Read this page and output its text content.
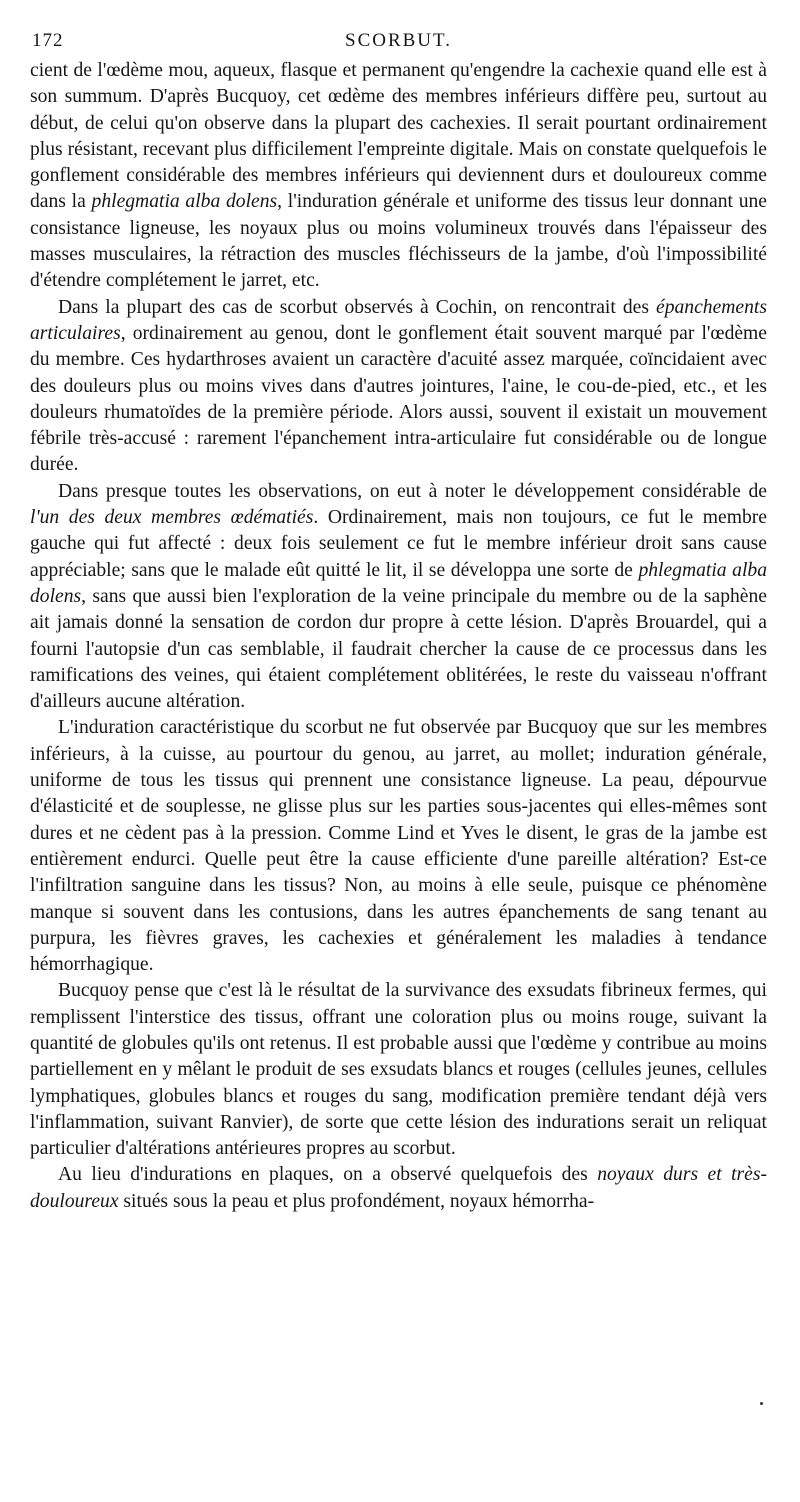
172	SCORBUT.

cient de l'œdème mou, aqueux, flasque et permanent qu'engendre la cachexie quand elle est à son summum. D'après Bucquoy, cet œdème des membres inférieurs diffère peu, surtout au début, de celui qu'on observe dans la plupart des cachexies. Il serait pourtant ordinairement plus résistant, recevant plus difficilement l'empreinte digitale. Mais on constate quelquefois le gonflement considérable des membres inférieurs qui deviennent durs et douloureux comme dans la phlegmatia alba dolens, l'induration générale et uniforme des tissus leur donnant une consistance ligneuse, les noyaux plus ou moins volumineux trouvés dans l'épaisseur des masses musculaires, la rétraction des muscles fléchisseurs de la jambe, d'où l'impossibilité d'étendre complétement le jarret, etc.

Dans la plupart des cas de scorbut observés à Cochin, on rencontrait des épanchements articulaires, ordinairement au genou, dont le gonflement était souvent marqué par l'œdème du membre. Ces hydarthroses avaient un caractère d'acuité assez marquée, coïncidaient avec des douleurs plus ou moins vives dans d'autres jointures, l'aine, le cou-de-pied, etc., et les douleurs rhumatoïdes de la première période. Alors aussi, souvent il existait un mouvement fébrile très-accusé : rarement l'épanchement intra-articulaire fut considérable ou de longue durée.

Dans presque toutes les observations, on eut à noter le développement considérable de l'un des deux membres œdématiés. Ordinairement, mais non toujours, ce fut le membre gauche qui fut affecté : deux fois seulement ce fut le membre inférieur droit sans cause appréciable; sans que le malade eût quitté le lit, il se développa une sorte de phlegmatia alba dolens, sans que aussi bien l'exploration de la veine principale du membre ou de la saphène ait jamais donné la sensation de cordon dur propre à cette lésion. D'après Brouardel, qui a fourni l'autopsie d'un cas semblable, il faudrait chercher la cause de ce processus dans les ramifications des veines, qui étaient complétement oblitérées, le reste du vaisseau n'offrant d'ailleurs aucune altération.

L'induration caractéristique du scorbut ne fut observée par Bucquoy que sur les membres inférieurs, à la cuisse, au pourtour du genou, au jarret, au mollet; induration générale, uniforme de tous les tissus qui prennent une consistance ligneuse. La peau, dépourvue d'élasticité et de souplesse, ne glisse plus sur les parties sous-jacentes qui elles-mêmes sont dures et ne cèdent pas à la pression. Comme Lind et Yves le disent, le gras de la jambe est entièrement endurci. Quelle peut être la cause efficiente d'une pareille altération? Est-ce l'infiltration sanguine dans les tissus? Non, au moins à elle seule, puisque ce phénomène manque si souvent dans les contusions, dans les autres épanchements de sang tenant au purpura, les fièvres graves, les cachexies et généralement les maladies à tendance hémorrhagique.

Bucquoy pense que c'est là le résultat de la survivance des exsudats fibrineux fermes, qui remplissent l'interstice des tissus, offrant une coloration plus ou moins rouge, suivant la quantité de globules qu'ils ont retenus. Il est probable aussi que l'œdème y contribue au moins partiellement en y mêlant le produit de ses exsudats blancs et rouges (cellules jeunes, cellules lymphatiques, globules blancs et rouges du sang, modification première tendant déjà vers l'inflammation, suivant Ranvier), de sorte que cette lésion des indurations serait un reliquat particulier d'altérations antérieures propres au scorbut.

Au lieu d'indurations en plaques, on a observé quelquefois des noyaux durs et très-douloureux situés sous la peau et plus profondément, noyaux hémorrha-
